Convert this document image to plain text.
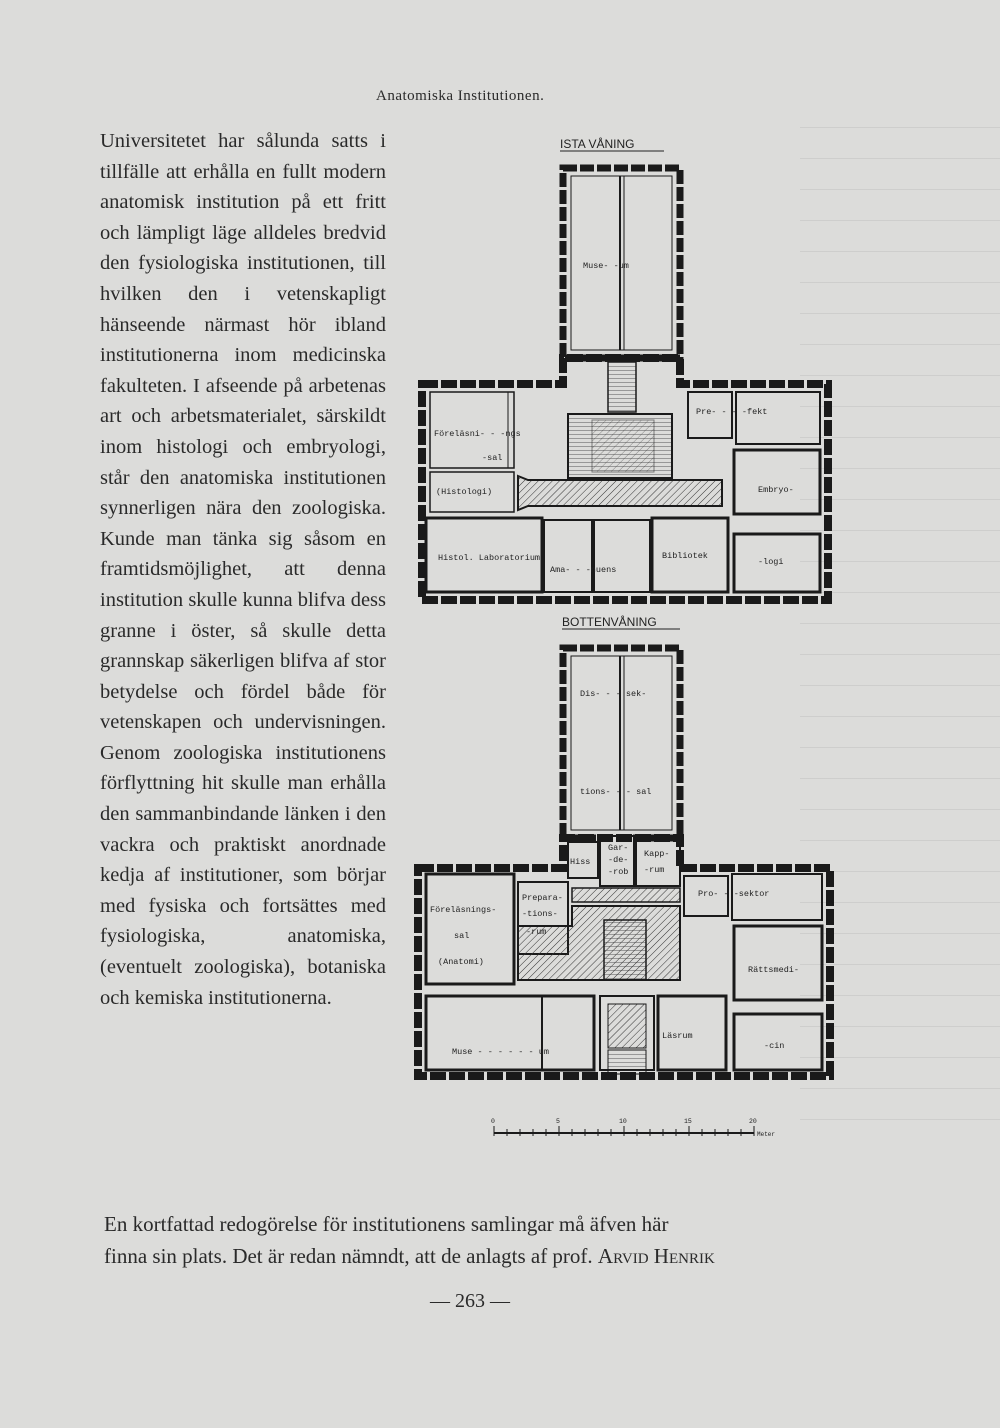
Anatomiska Institutionen.
Universitetet har sålunda satts i tillfälle att erhålla en fullt modern anatomisk institution på ett fritt och lämpligt läge alldeles bredvid den fysiologiska institutionen, till hvilken den i vetenskapligt hänseende närmast hör ibland institutionerna inom medicinska fakulteten. I afseende på arbetenas art och arbetsmaterialet, särskildt inom histologi och embryologi, står den anatomiska institutionen synnerligen nära den zoologiska. Kunde man tänka sig såsom en framtidsmöjlighet, att denna institution skulle kunna blifva dess granne i öster, så skulle detta grannskap säkerligen blifva af stor betydelse och fördel både för vetenskapen och undervisningen. Genom zoologiska institutionens förflyttning hit skulle man erhålla den sammanbindande länken i den vackra och praktiskt anordnade kedja af institutioner, som börjar med fysiska och fortsättes med fysiologiska, anatomiska, (eventuelt zoologiska), botaniska och kemiska institutionerna.
ISTA VÅNING
Muse- -um
Föreläsni- - -ngs
-sal
(Histologi)
Histol. Laboratorium
Ama- - -nuens
Bibliotek
Pre- - - -fekt
Embryo-
-logi
BOTTENVÅNING
Dis- - - sek-
tions- - - sal
Hiss
Gar-
-de-
-rob
Kapp-
-rum
Föreläsnings-
sal
(Anatomi)
Prepara-
-tions-
Muse - - - - - - um
Läsrum
Pro- - -sektor
Rättsmedi-
-cin
0	5	10	15	20
Meter
En kortfattad redogörelse för institutionens samlingar må äfven här
finna sin plats. Det är redan nämndt, att de anlagts af prof. Arvid Henrik
— 263 —
